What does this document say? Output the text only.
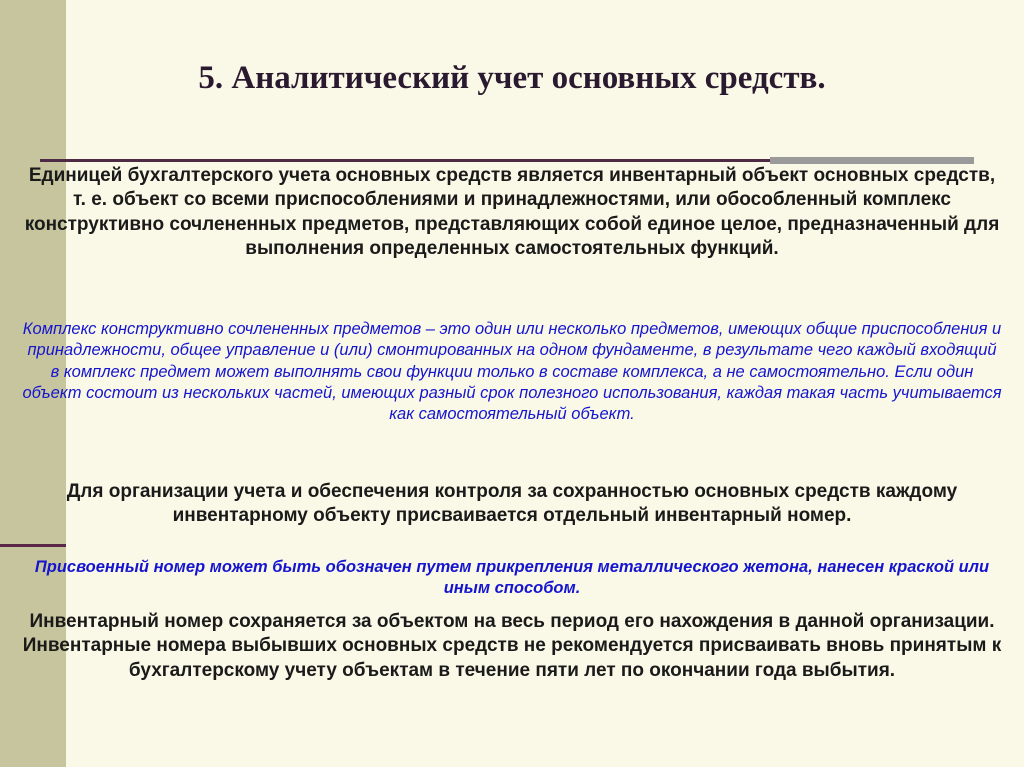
5. Аналитический учет основных средств.

Единицей бухгалтерского учета основных средств является инвентарный объект основных средств, т. е. объект со всеми приспособлениями и принадлежностями, или обособленный комплекс конструктивно сочлененных предметов, представляющих собой единое целое, предназначенный для выполнения определенных самостоятельных функций.

Комплекс конструктивно сочлененных предметов – это один или несколько предметов, имеющих общие приспособления и принадлежности, общее управление и (или) смонтированных на одном фундаменте, в результате чего каждый входящий в комплекс предмет может выполнять свои функции только в составе комплекса, а не самостоятельно. Если один объект состоит из нескольких частей, имеющих разный срок полезного использования, каждая такая часть учитывается как самостоятельный объект.

Для организации учета и обеспечения контроля за сохранностью основных средств каждому инвентарному объекту присваивается отдельный инвентарный номер.

Присвоенный номер может быть обозначен путем прикрепления металлического жетона, нанесен краской или иным способом.

Инвентарный номер сохраняется за объектом на весь период его нахождения в данной организации. Инвентарные номера выбывших основных средств не рекомендуется присваивать вновь принятым к бухгалтерскому учету объектам в течение пяти лет по окончании года выбытия.
